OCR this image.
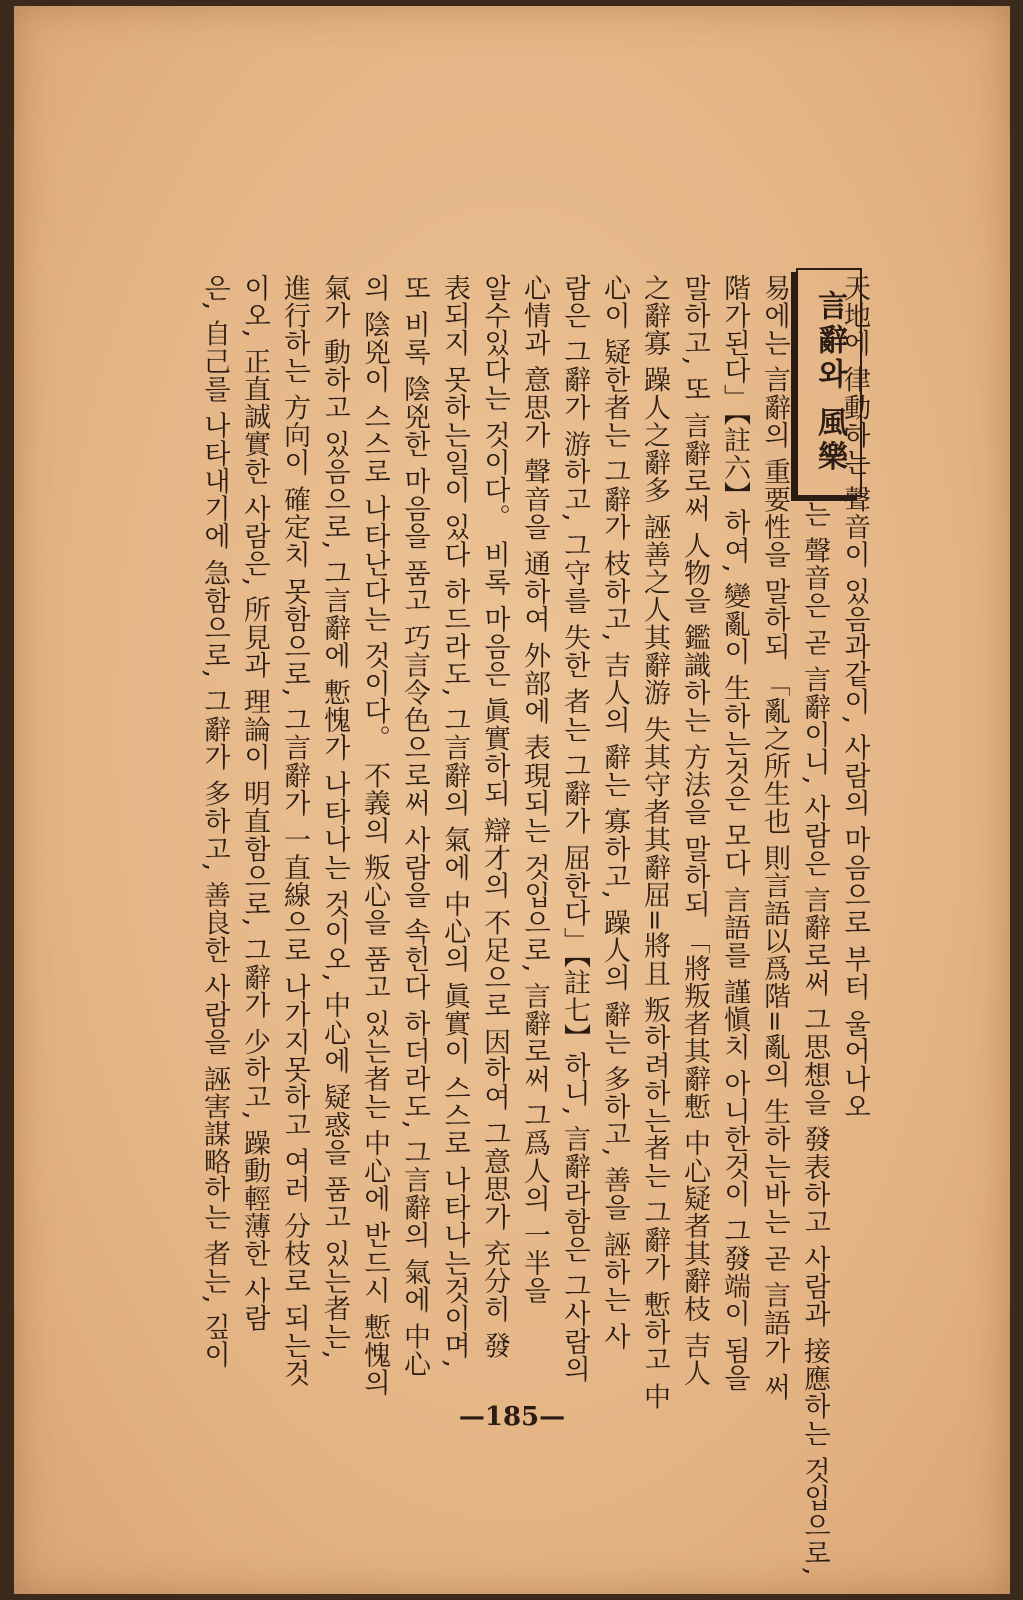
言辭와 風樂
天地에 律動하는 聲音이 있음과같이, 사람의 마음으로 부터 울어나오
는 聲音은 곧 言辭이니, 사람은 言辭로써 그思想을 發表하고 사람과 接應하는 것입으로,
易에는 言辭의 重要性을 말하되 「亂之所生也 則言語以爲階=亂의 生하는바는 곧 言語가 써
階가된다」【註六】하여, 變亂이 生하는것은 모다 言語를 謹愼치 아니한것이 그發端이 됨을
말하고, 또 言辭로써 人物을 鑑識하는 方法을 말하되 「將叛者其辭慙 中心疑者其辭枝 吉人
之辭寡 躁人之辭多 誣善之人其辭游 失其守者其辭屈=將且 叛하려하는者는 그辭가 慙하고 中
心이 疑한者는 그辭가 枝하고, 吉人의 辭는 寡하고, 躁人의 辭는 多하고, 善을 誣하는 사
람은 그辭가 游하고, 그守를 失한 者는 그辭가 屈한다」【註七】하니, 言辭라함은 그사람의
心情과 意思가 聲音을 通하여 外部에 表現되는 것입으로, 言辭로써 그爲人의 一半을
알수있다는 것이다。 비록 마음은 眞實하되 辯才의 不足으로 因하여 그意思가 充分히 發
表되지 못하는일이 있다 하드라도, 그言辭의 氣에 中心의 眞實이 스스로 나타나는것이며,
또 비록 陰兇한 마음을 품고 巧言令色으로써 사람을 속힌다 하더라도, 그言辭의 氣에 中心
의 陰兇이 스스로 나타난다는 것이다。 不義의 叛心을 품고 있는者는 中心에 반드시 慙愧의
氣가 動하고 있음으로, 그言辭에 慙愧가 나타나는 것이오, 中心에 疑惑을 품고 있는者는,
進行하는 方向이 確定치 못함으로, 그言辭가 一直線으로 나가지못하고 여러 分枝로 되는것
이오, 正直誠實한 사람은, 所見과 理論이 明直함으로, 그辭가 少하고, 躁動輕薄한 사람
은, 自己를 나타내기에 急함으로, 그辭가 多하고, 善良한 사람을 誣害謀略하는 者는, 깊이
—185—
